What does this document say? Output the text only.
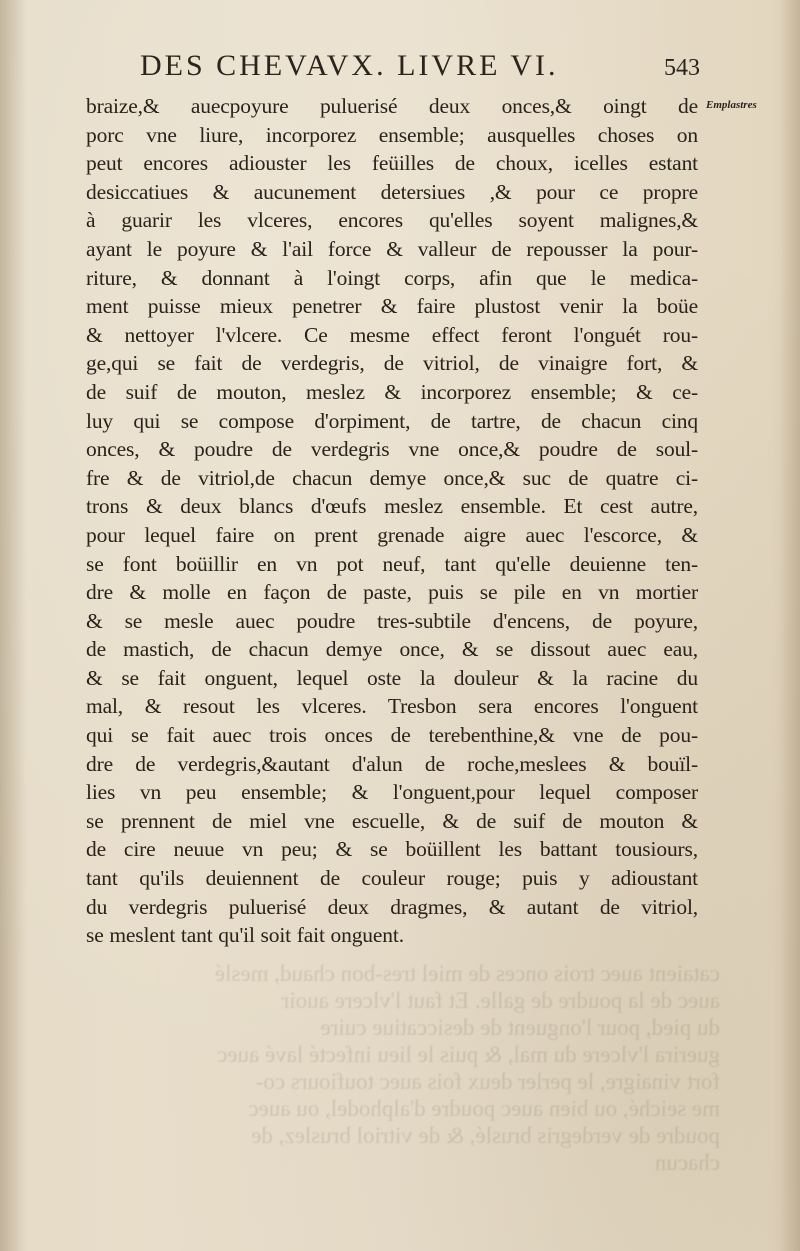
cataient auec trois onces de miel tres-bon chaud, meslé
auec de la poudre de galle. Et faut l'vlcere auoir
du pied, pour l'onguent de desiccatiue cuire
guerira l'vlcere du mal, & puis le lieu infecté lavé auec
fort vinaigre, le perler deux fois auec toufiours co-
me seiché, ou bien auec poudre d'alphodel, ou auec
poudre de verdegris bruslé, & de vitriol bruslez, de
chacun
DES CHEVAVX. LIVRE VI.	543
Emplastres
braize,& auecpoyure puluerisé deux onces,& oingt de
porc vne liure, incorporez ensemble; ausquelles choses on
peut encores adiouster les feüilles de choux, icelles estant
desiccatiues & aucunement detersiues ,& pour ce propre
à guarir les vlceres, encores qu'elles soyent malignes,&
ayant le poyure & l'ail force & valleur de repousser la pour-
riture, & donnant à l'oingt corps, afin que le medica-
ment puisse mieux penetrer & faire plustost venir la boüe
& nettoyer l'vlcere. Ce mesme effect feront l'onguét rou-
ge,qui se fait de verdegris, de vitriol, de vinaigre fort, &
de suif de mouton, meslez & incorporez ensemble; & ce-
luy qui se compose d'orpiment, de tartre, de chacun cinq
onces, & poudre de verdegris vne once,& poudre de soul-
fre & de vitriol,de chacun demye once,& suc de quatre ci-
trons & deux blancs d'œufs meslez ensemble. Et cest autre,
pour lequel faire on prent grenade aigre auec l'escorce, &
se font boüillir en vn pot neuf, tant qu'elle deuienne ten-
dre & molle en façon de paste, puis se pile en vn mortier
& se mesle auec poudre tres-subtile d'encens, de poyure,
de mastich, de chacun demye once, & se dissout auec eau,
& se fait onguent, lequel oste la douleur & la racine du
mal, & resout les vlceres. Tresbon sera encores l'onguent
qui se fait auec trois onces de terebenthine,& vne de pou-
dre de verdegris,&autant d'alun de roche,meslees & bouïl-
lies vn peu ensemble; & l'onguent,pour lequel composer
se prennent de miel vne escuelle, & de suif de mouton &
de cire neuue vn peu; & se boüillent les battant tousiours,
tant qu'ils deuiennent de couleur rouge; puis y adioustant
du verdegris puluerisé deux dragmes, & autant de vitriol,
se meslent tant qu'il soit fait onguent.
